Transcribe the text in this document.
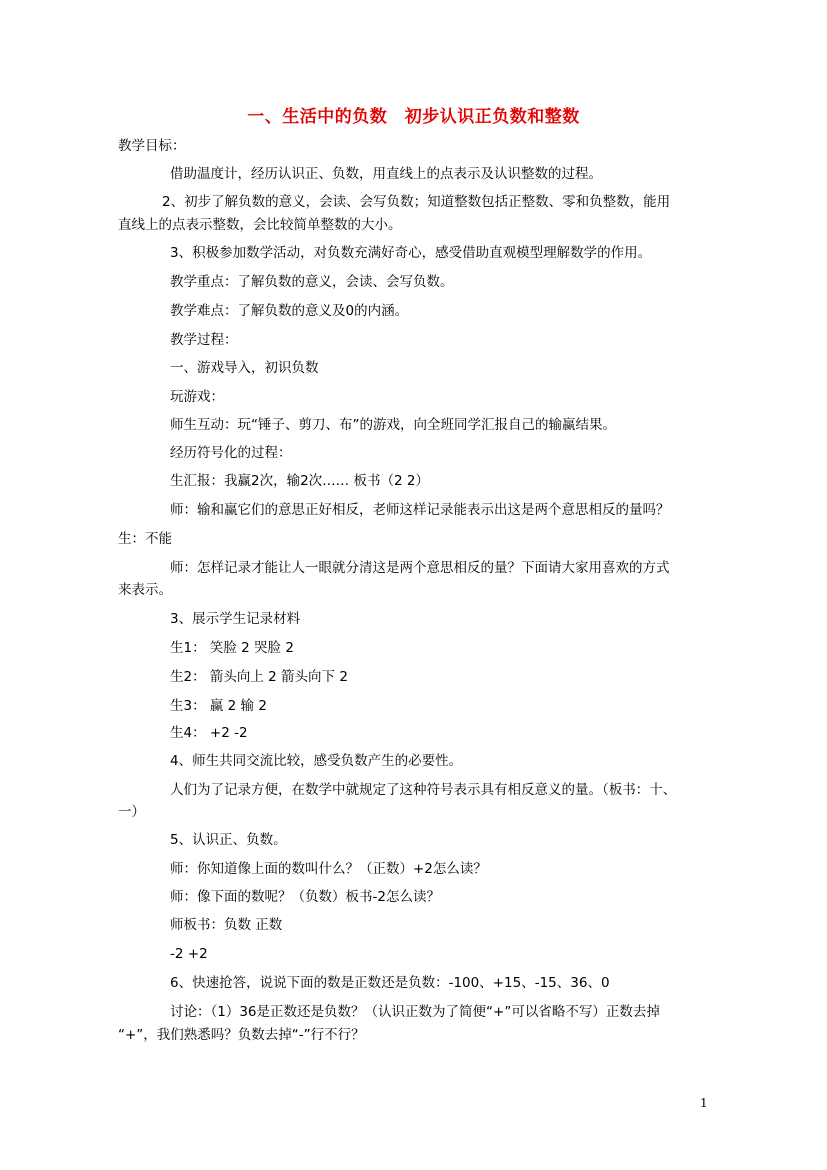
一、生活中的负数　初步认识正负数和整数
教学目标：
借助温度计，经历认识正、负数，用直线上的点表示及认识整数的过程。
2、初步了解负数的意义，会读、会写负数；知道整数包括正整数、零和负整数，能用
直线上的点表示整数，会比较简单整数的大小。
3、积极参加数学活动，对负数充满好奇心，感受借助直观模型理解数学的作用。
教学重点：了解负数的意义，会读、会写负数。
教学难点：了解负数的意义及0的内涵。
教学过程：
一、游戏导入，初识负数
玩游戏：
师生互动：玩“锤子、剪刀、布”的游戏，向全班同学汇报自己的输赢结果。
经历符号化的过程：
生汇报：我赢2次，输2次…… 板书（2 2）
师：输和赢它们的意思正好相反，老师这样记录能表示出这是两个意思相反的量吗？
生：不能
师：怎样记录才能让人一眼就分清这是两个意思相反的量？下面请大家用喜欢的方式
来表示。
3、展示学生记录材料
生1： 笑脸 2 哭脸 2
生2： 箭头向上 2 箭头向下 2
生3： 赢 2 输 2
生4： +2 -2
4、师生共同交流比较，感受负数产生的必要性。
人们为了记录方便，在数学中就规定了这种符号表示具有相反意义的量。（板书：十、
一）
5、认识正、负数。
师：你知道像上面的数叫什么？（正数）+2怎么读？
师：像下面的数呢？（负数）板书-2怎么读？
师板书：负数 正数
-2 +2
6、快速抢答，说说下面的数是正数还是负数：-100、+15、-15、36、0
讨论：（1）36是正数还是负数？（认识正数为了简便“+”可以省略不写）正数去掉
“+”，我们熟悉吗？负数去掉“-”行不行？
1
